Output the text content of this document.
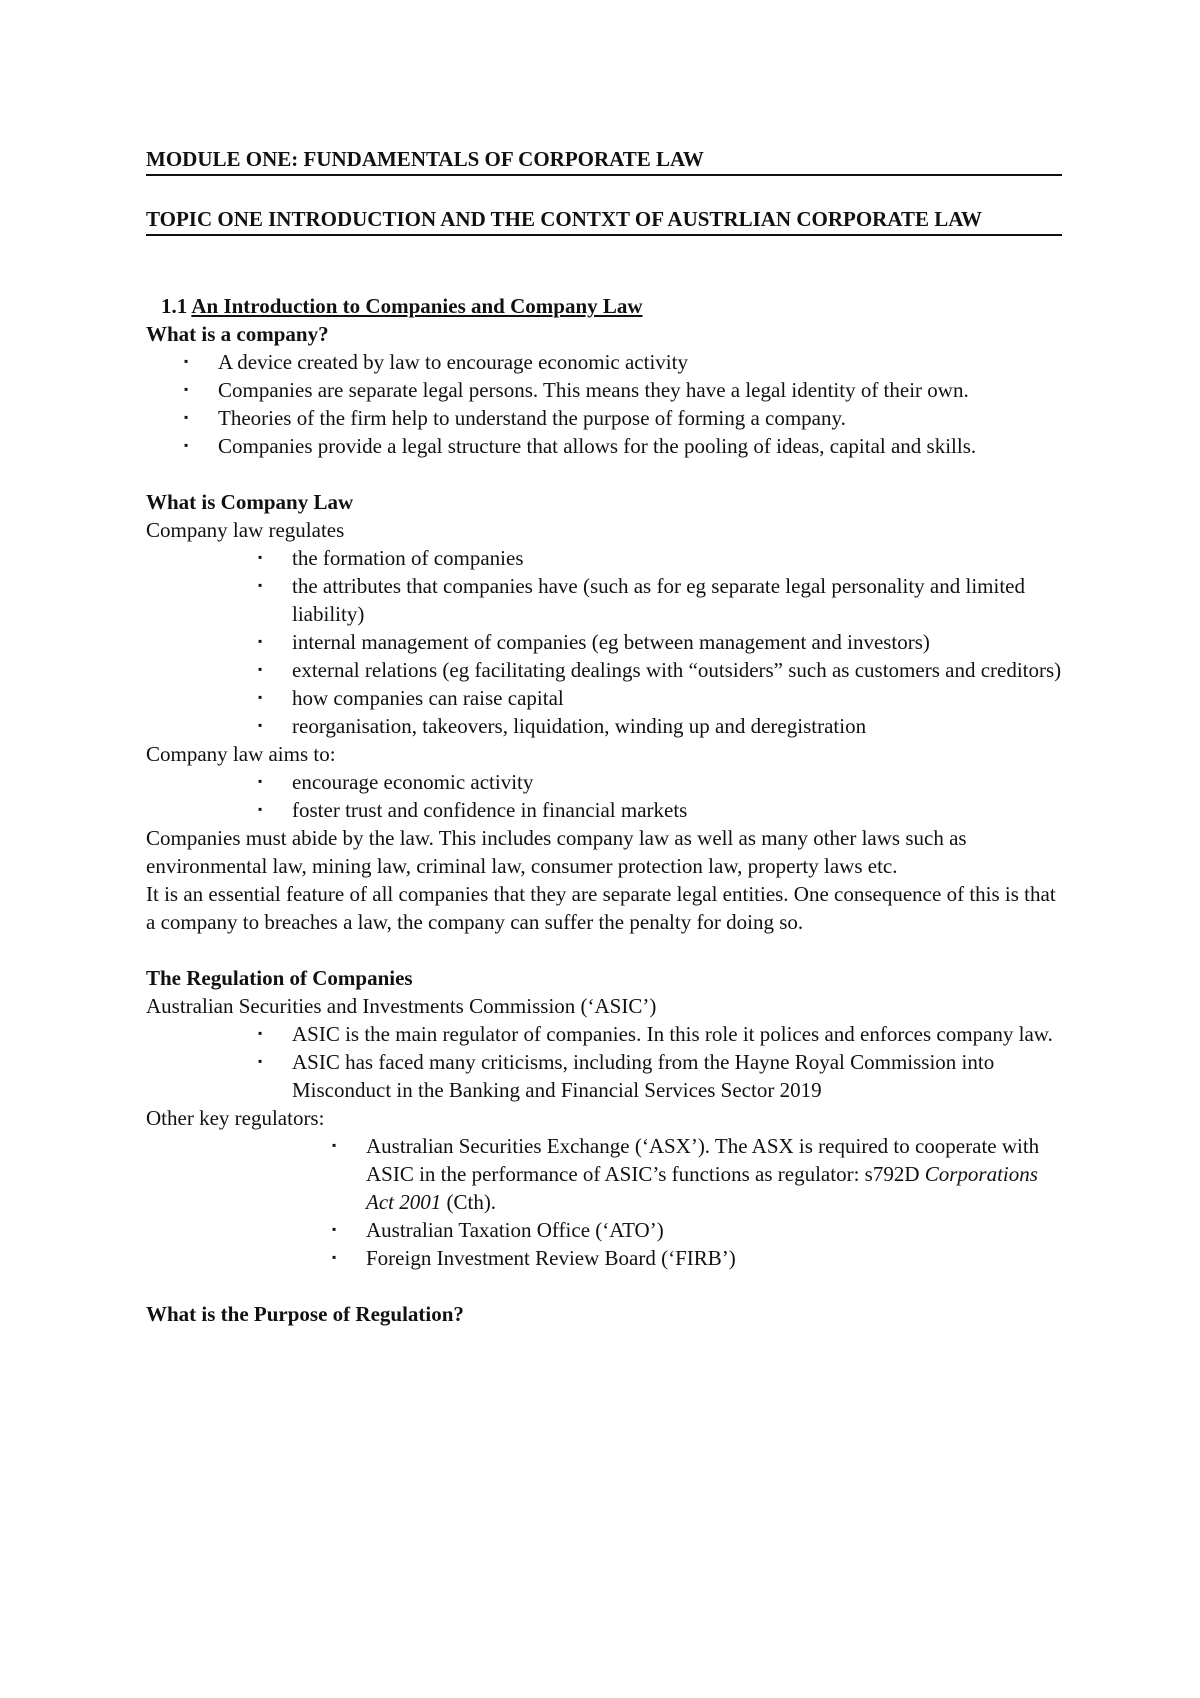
MODULE ONE: FUNDAMENTALS OF CORPORATE LAW
TOPIC ONE INTRODUCTION AND THE CONTXT OF AUSTRLIAN CORPORATE LAW
1.1 An Introduction to Companies and Company Law
What is a company?
▪ A device created by law to encourage economic activity
▪ Companies are separate legal persons. This means they have a legal identity of their own.
▪ Theories of the firm help to understand the purpose of forming a company.
▪ Companies provide a legal structure that allows for the pooling of ideas, capital and skills.
What is Company Law

Company law regulates

▪ the formation of companies
▪ the attributes that companies have (such as for eg separate legal personality and limited liability)
▪ internal management of companies (eg between management and investors)
▪ external relations (eg facilitating dealings with “outsiders” such as customers and creditors)
▪ how companies can raise capital
▪ reorganisation, takeovers, liquidation, winding up and deregistration

Company law aims to:

▪ encourage economic activity
▪ foster trust and confidence in financial markets

Companies must abide by the law. This includes company law as well as many other laws such as environmental law, mining law, criminal law, consumer protection law, property laws etc.

It is an essential feature of all companies that they are separate legal entities. One consequence of this is that a company to breaches a law, the company can suffer the penalty for doing so.

The Regulation of Companies

Australian Securities and Investments Commission (‘ASIC’)

▪ ASIC is the main regulator of companies. In this role it polices and enforces company law.
▪ ASIC has faced many criticisms, including from the Hayne Royal Commission into Misconduct in the Banking and Financial Services Sector 2019

Other key regulators:

▪ Australian Securities Exchange (‘ASX’). The ASX is required to cooperate with ASIC in the performance of ASIC’s functions as regulator: s792D Corporations Act 2001 (Cth).
▪ Australian Taxation Office (‘ATO’)
▪ Foreign Investment Review Board (‘FIRB’)
What is the Purpose of Regulation?
